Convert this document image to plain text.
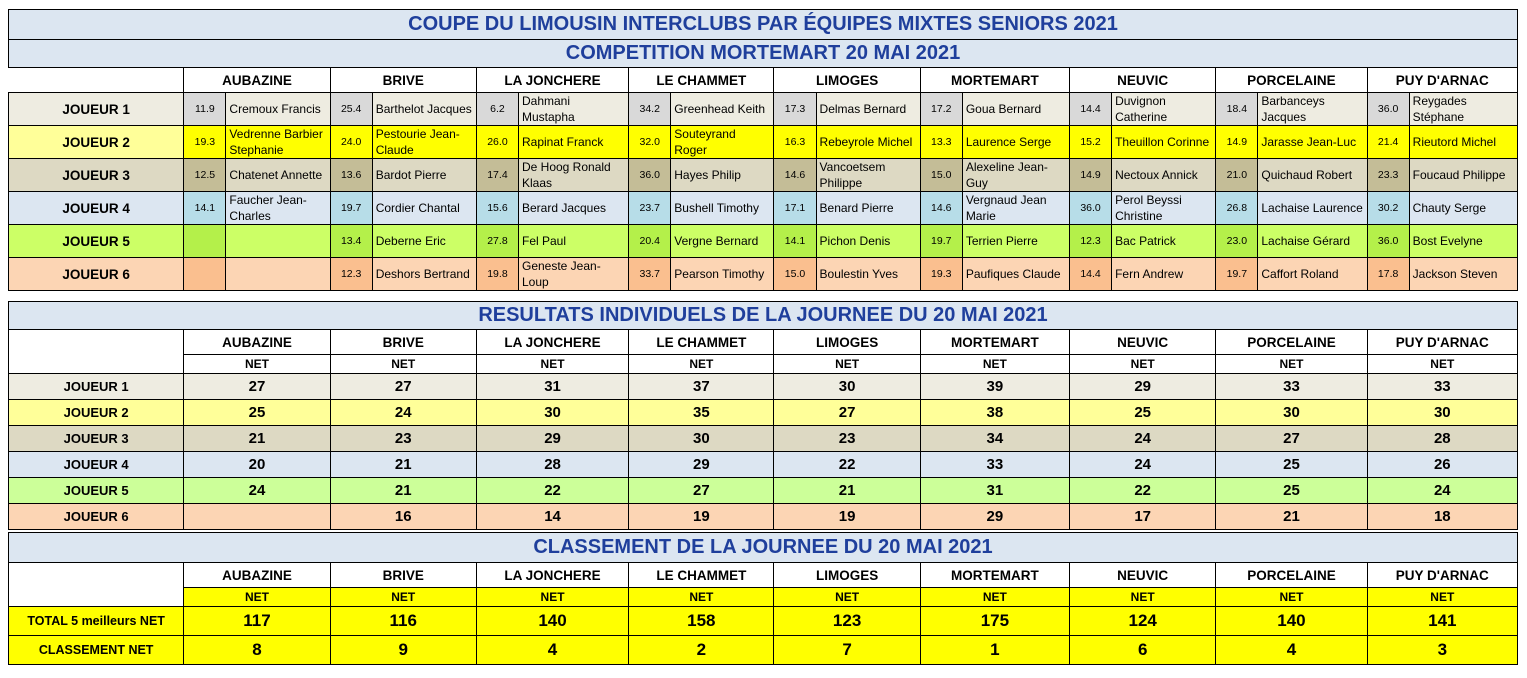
COUPE DU LIMOUSIN INTERCLUBS PAR ÉQUIPES MIXTES SENIORS 2021																		
COMPETITION MORTEMART 20 MAI 2021																		
	AUBAZINE		BRIVE		LA JONCHERE		LE CHAMMET		LIMOGES		MORTEMART		NEUVIC		PORCELAINE		PUY D'ARNAC	
JOUEUR 1	11.9	Cremoux Francis	25.4	Barthelot Jacques	6.2	Dahmani Mustapha	34.2	Greenhead Keith	17.3	Delmas Bernard	17.2	Goua Bernard	14.4	Duvignon Catherine	18.4	Barbanceys Jacques	36.0	Reygades Stéphane
JOUEUR 2	19.3	Vedrenne Barbier Stephanie	24.0	Pestourie Jean-Claude	26.0	Rapinat Franck	32.0	Souteyrand Roger	16.3	Rebeyrole Michel	13.3	Laurence Serge	15.2	Theuillon Corinne	14.9	Jarasse Jean-Luc	21.4	Rieutord Michel
JOUEUR 3	12.5	Chatenet Annette	13.6	Bardot Pierre	17.4	De Hoog Ronald Klaas	36.0	Hayes Philip	14.6	Vancoetsem Philippe	15.0	Alexeline Jean-Guy	14.9	Nectoux Annick	21.0	Quichaud Robert	23.3	Foucaud Philippe
JOUEUR 4	14.1	Faucher Jean-Charles	19.7	Cordier Chantal	15.6	Berard Jacques	23.7	Bushell Timothy	17.1	Benard Pierre	14.6	Vergnaud Jean Marie	36.0	Perol Beyssi Christine	26.8	Lachaise Laurence	30.2	Chauty Serge
JOUEUR 5			13.4	Deberne Eric	27.8	Fel Paul	20.4	Vergne Bernard	14.1	Pichon Denis	19.7	Terrien Pierre	12.3	Bac Patrick	23.0	Lachaise Gérard	36.0	Bost Evelyne
JOUEUR 6			12.3	Deshors Bertrand	19.8	Geneste Jean-Loup	33.7	Pearson Timothy	15.0	Boulestin Yves	19.3	Paufiques Claude	14.4	Fern Andrew	19.7	Caffort Roland	17.8	Jackson Steven
RESULTATS INDIVIDUELS DE LA JOURNEE DU 20 MAI 2021									
	AUBAZINE	BRIVE	LA JONCHERE	LE CHAMMET	LIMOGES	MORTEMART	NEUVIC	PORCELAINE	PUY D'ARNAC
	NET	NET	NET	NET	NET	NET	NET	NET	NET
JOUEUR 1	27	27	31	37	30	39	29	33	33
JOUEUR 2	25	24	30	35	27	38	25	30	30
JOUEUR 3	21	23	29	30	23	34	24	27	28
JOUEUR 4	20	21	28	29	22	33	24	25	26
JOUEUR 5	24	21	22	27	21	31	22	25	24
JOUEUR 6		16	14	19	19	29	17	21	18
CLASSEMENT DE LA JOURNEE DU 20 MAI 2021									
	AUBAZINE	BRIVE	LA JONCHERE	LE CHAMMET	LIMOGES	MORTEMART	NEUVIC	PORCELAINE	PUY D'ARNAC
	NET	NET	NET	NET	NET	NET	NET	NET	NET
TOTAL 5 meilleurs NET	117	116	140	158	123	175	124	140	141
CLASSEMENT NET	8	9	4	2	7	1	6	4	3
